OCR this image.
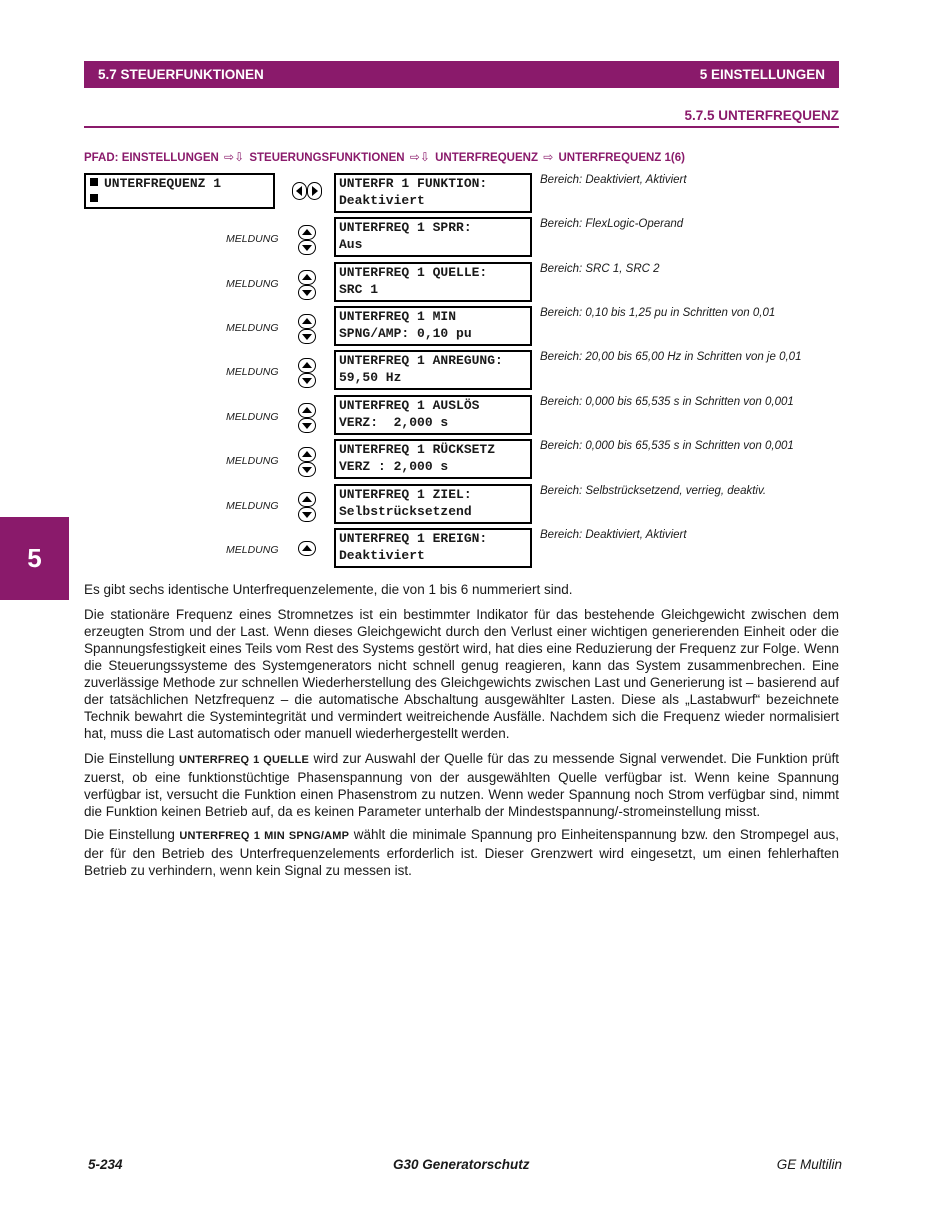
5.7 STEUERFUNKTIONEN	5 EINSTELLUNGEN
5.7.5 UNTERFREQUENZ
PFAD: EINSTELLUNGEN ⇨⇩ STEUERUNGSFUNKTIONEN ⇨⇩ UNTERFREQUENZ ⇨ UNTERFREQUENZ 1(6)
UNTERFREQUENZ 1	UNTERFR 1 FUNKTION:
Deaktiviert
Bereich: Deaktiviert, Aktiviert
MELDUNG
UNTERFREQ 1 SPRR:
Aus
Bereich: FlexLogic-Operand
MELDUNG
UNTERFREQ 1 QUELLE:
SRC 1
Bereich: SRC 1, SRC 2
MELDUNG
UNTERFREQ 1 MIN
SPNG/AMP: 0,10 pu
Bereich: 0,10 bis 1,25 pu in Schritten von 0,01
MELDUNG
UNTERFREQ 1 ANREGUNG:
59,50 Hz
Bereich: 20,00 bis 65,00 Hz in Schritten von je 0,01
MELDUNG
UNTERFREQ 1 AUSLÖS
VERZ:  2,000 s
Bereich: 0,000 bis 65,535 s in Schritten von 0,001
MELDUNG
UNTERFREQ 1 RÜCKSETZ
VERZ : 2,000 s
Bereich: 0,000 bis 65,535 s in Schritten von 0,001
MELDUNG
UNTERFREQ 1 ZIEL:
Selbstrücksetzend
Bereich: Selbstrücksetzend, verrieg, deaktiv.
MELDUNG
UNTERFREQ 1 EREIGN:
Deaktiviert
Bereich: Deaktiviert, Aktiviert
5

Es gibt sechs identische Unterfrequenzelemente, die von 1 bis 6 nummeriert sind.

Die stationäre Frequenz eines Stromnetzes ist ein bestimmter Indikator für das bestehende Gleichgewicht zwischen dem erzeugten Strom und der Last. Wenn dieses Gleichgewicht durch den Verlust einer wichtigen generierenden Einheit oder die Spannungsfestigkeit eines Teils vom Rest des Systems gestört wird, hat dies eine Reduzierung der Frequenz zur Folge. Wenn die Steuerungssysteme des Systemgenerators nicht schnell genug reagieren, kann das System zusammenbrechen. Eine zuverlässige Methode zur schnellen Wiederherstellung des Gleichgewichts zwischen Last und Generierung ist – basierend auf der tatsächlichen Netzfrequenz – die automatische Abschaltung ausgewählter Lasten. Diese als „Lastabwurf“ bezeichnete Technik bewahrt die Systemintegrität und vermindert weitreichende Ausfälle. Nachdem sich die Frequenz wieder normalisiert hat, muss die Last automatisch oder manuell wiederhergestellt werden.

Die Einstellung UNTERFREQ 1 QUELLE wird zur Auswahl der Quelle für das zu messende Signal verwendet. Die Funktion prüft zuerst, ob eine funktionstüchtige Phasenspannung von der ausgewählten Quelle verfügbar ist. Wenn keine Spannung verfügbar ist, versucht die Funktion einen Phasenstrom zu nutzen. Wenn weder Spannung noch Strom verfügbar sind, nimmt die Funktion keinen Betrieb auf, da es keinen Parameter unterhalb der Mindestspannung/-stromeinstellung misst.

Die Einstellung UNTERFREQ 1 MIN SPNG/AMP wählt die minimale Spannung pro Einheitenspannung bzw. den Strompegel aus, der für den Betrieb des Unterfrequenzelements erforderlich ist. Dieser Grenzwert wird eingesetzt, um einen fehlerhaften Betrieb zu verhindern, wenn kein Signal zu messen ist.

5-234	G30 Generatorschutz	GE Multilin
